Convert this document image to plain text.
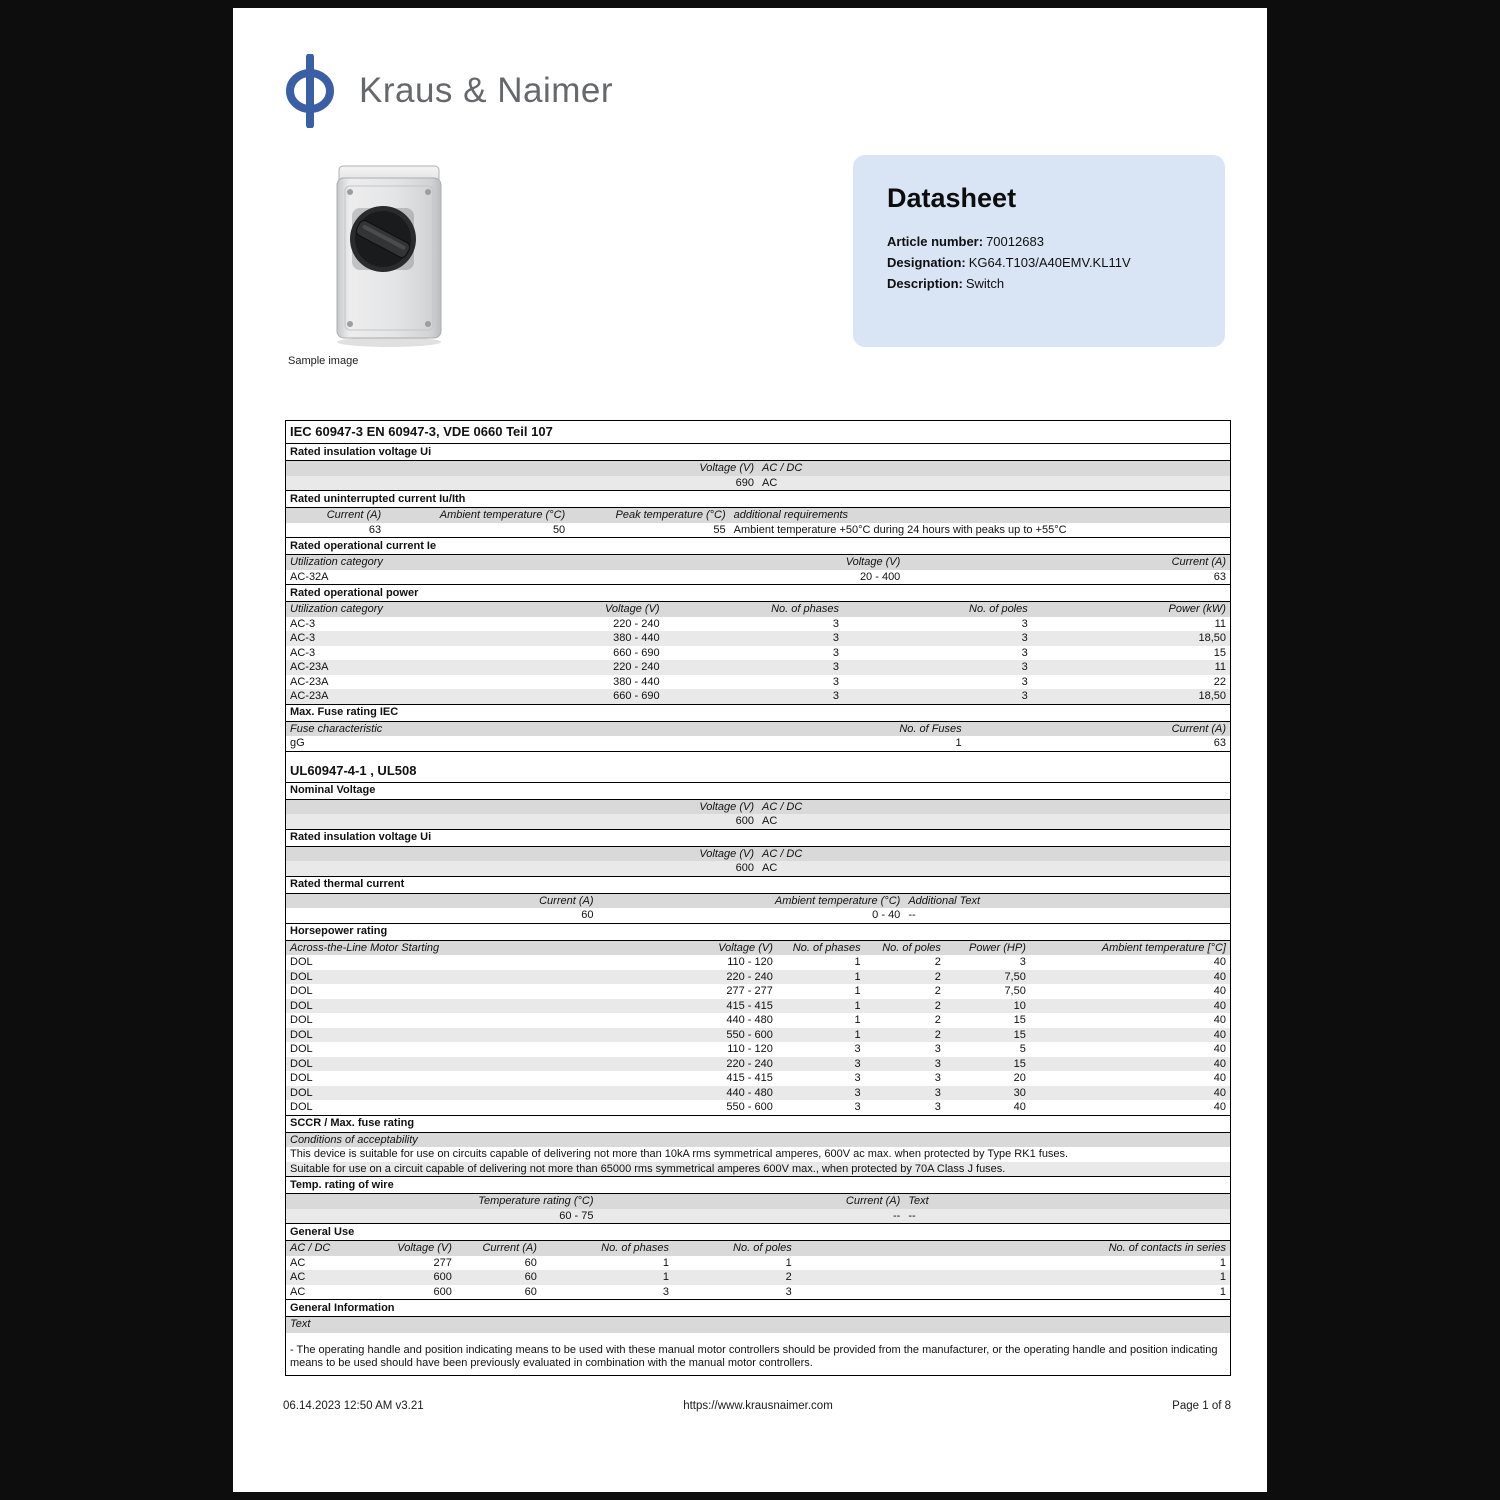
Kraus & Naimer
Sample image
Datasheet
Article number: 70012683
Designation: KG64.T103/A40EMV.KL11V
Description: Switch
IEC 60947-3 EN 60947-3, VDE 0660 Teil 107
Rated insulation voltage Ui
Voltage (V) AC / DC
690 AC
Rated uninterrupted current Iu/Ith
Current (A)	Ambient temperature (°C)	Peak temperature (°C) additional requirements
63	50	55 Ambient temperature +50°C during 24 hours with peaks up to +55°C
Rated operational current Ie
Utilization category	Voltage (V)	Current (A)
AC-32A	20 - 400	63
Rated operational power
Utilization category	Voltage (V)	No. of phases	No. of poles	Power (kW)
AC-3	220 - 240	3	3	11
AC-3	380 - 440	3	3	18,50
AC-3	660 - 690	3	3	15
AC-23A	220 - 240	3	3	11
AC-23A	380 - 440	3	3	22
AC-23A	660 - 690	3	3	18,50
Max. Fuse rating IEC
Fuse characteristic	No. of Fuses	Current (A)
gG	1	63
UL60947-4-1 , UL508
Nominal Voltage
Voltage (V) AC / DC
600 AC
Rated insulation voltage Ui
Voltage (V) AC / DC
600 AC
Rated thermal current
Current (A)	Ambient temperature (°C) Additional Text
60	0 - 40 --
Horsepower rating
Across-the-Line Motor Starting	Voltage (V)	No. of phases	No. of poles	Power (HP)	Ambient temperature [°C]
DOL	110 - 120	1	2	3	40
DOL	220 - 240	1	2	7,50	40
DOL	277 - 277	1	2	7,50	40
DOL	415 - 415	1	2	10	40
DOL	440 - 480	1	2	15	40
DOL	550 - 600	1	2	15	40
DOL	110 - 120	3	3	5	40
DOL	220 - 240	3	3	15	40
DOL	415 - 415	3	3	20	40
DOL	440 - 480	3	3	30	40
DOL	550 - 600	3	3	40	40
SCCR / Max. fuse rating
Conditions of acceptability
This device is suitable for use on circuits capable of delivering not more than 10kA rms symmetrical amperes, 600V ac max. when protected by Type RK1 fuses.
Suitable for use on a circuit capable of delivering not more than 65000 rms symmetrical amperes 600V max., when protected by 70A Class J fuses.
Temp. rating of wire
Temperature rating (°C)	Current (A) Text
60 - 75	-- --
General Use
AC / DC	Voltage (V)	Current (A)	No. of phases	No. of poles	No. of contacts in series
AC	277	60	1	1	1
AC	600	60	1	2	1
AC	600	60	3	3	1
General Information
Text
- The operating handle and position indicating means to be used with these manual motor controllers should be provided from the manufacturer, or the operating handle and position indicating means to be used should have been previously evaluated in combination with the manual motor controllers.
06.14.2023 12:50 AM v3.21	https://www.krausnaimer.com	Page 1 of 8
